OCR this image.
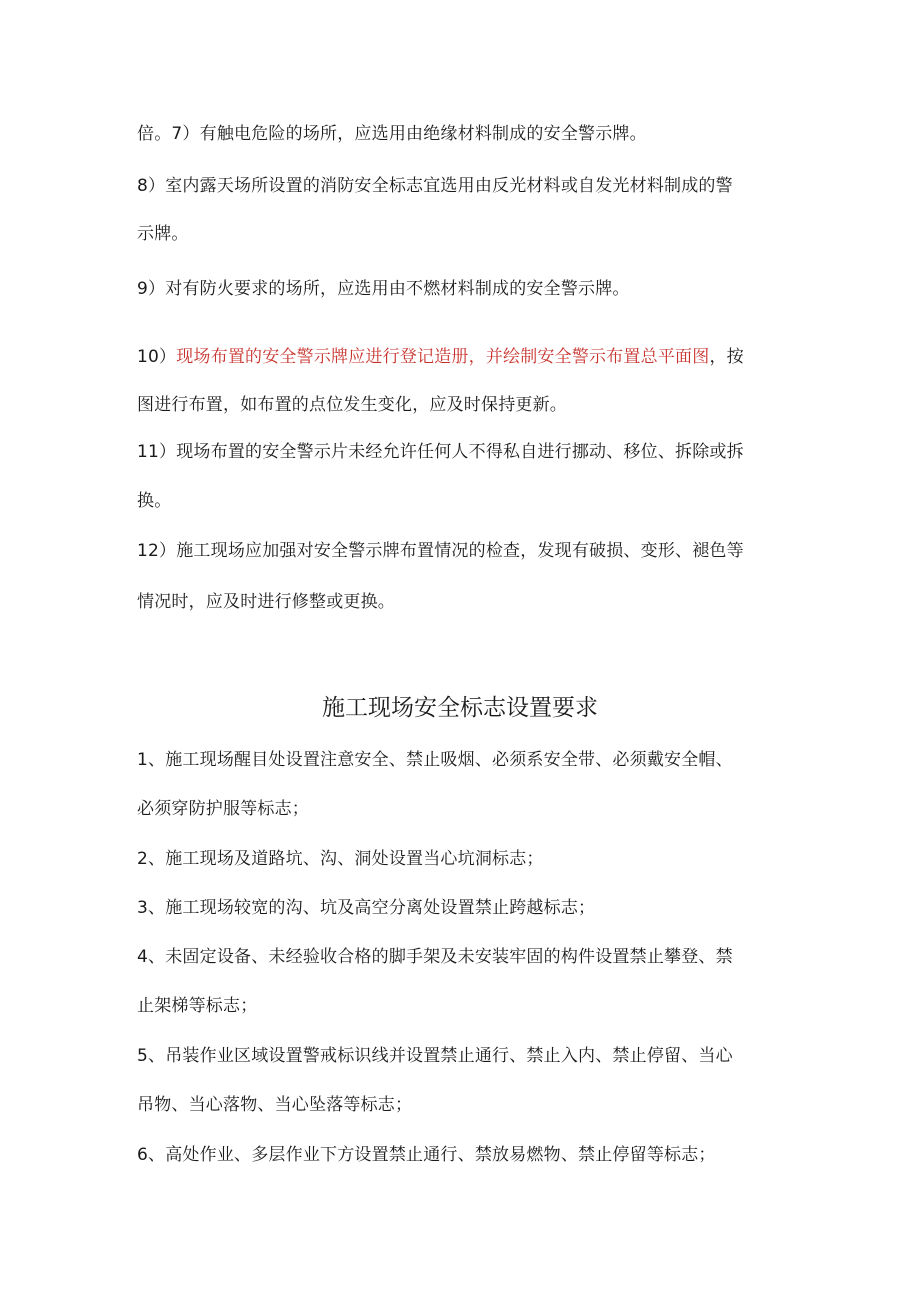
倍。7）有触电危险的场所，应选用由绝缘材料制成的安全警示牌。
8）室内露天场所设置的消防安全标志宜选用由反光材料或自发光材料制成的警
示牌。
9）对有防火要求的场所，应选用由不燃材料制成的安全警示牌。
10）现场布置的安全警示牌应进行登记造册，并绘制安全警示布置总平面图，按
图进行布置，如布置的点位发生变化，应及时保持更新。
11）现场布置的安全警示片未经允许任何人不得私自进行挪动、移位、拆除或拆
换。
12）施工现场应加强对安全警示牌布置情况的检查，发现有破损、变形、褪色等
情况时，应及时进行修整或更换。
施工现场安全标志设置要求
1、施工现场醒目处设置注意安全、禁止吸烟、必须系安全带、必须戴安全帽、
必须穿防护服等标志；
2、施工现场及道路坑、沟、洞处设置当心坑洞标志；
3、施工现场较宽的沟、坑及高空分离处设置禁止跨越标志；
4、未固定设备、未经验收合格的脚手架及未安装牢固的构件设置禁止攀登、禁
止架梯等标志；
5、吊装作业区域设置警戒标识线并设置禁止通行、禁止入内、禁止停留、当心
吊物、当心落物、当心坠落等标志；
6、高处作业、多层作业下方设置禁止通行、禁放易燃物、禁止停留等标志；
